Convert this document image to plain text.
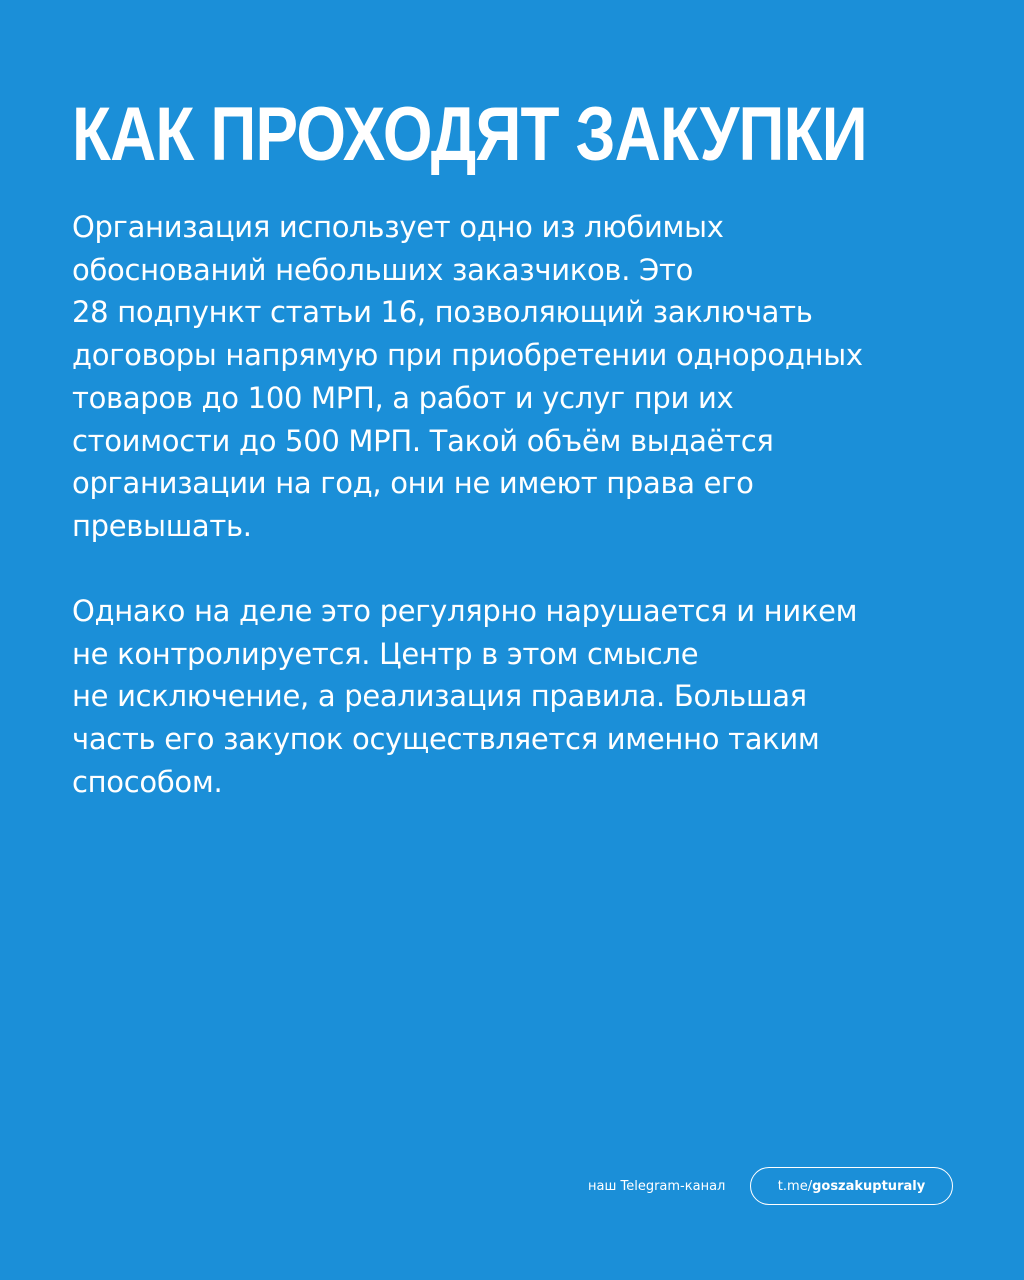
КАК ПРОХОДЯТ ЗАКУПКИ

Организация использует одно из любимых
обоснований небольших заказчиков. Это
28 подпункт статьи 16, позволяющий заключать
договоры напрямую при приобретении однородных
товаров до 100 МРП, а работ и услуг при их
стоимости до 500 МРП. Такой объём выдаётся
организации на год, они не имеют права его
превышать.

Однако на деле это регулярно нарушается и никем
не контролируется. Центр в этом смысле
не исключение, а реализация правила. Большая
часть его закупок осуществляется именно таким
способом.

наш Telegram-канал	t.me/ goszakupturaly
